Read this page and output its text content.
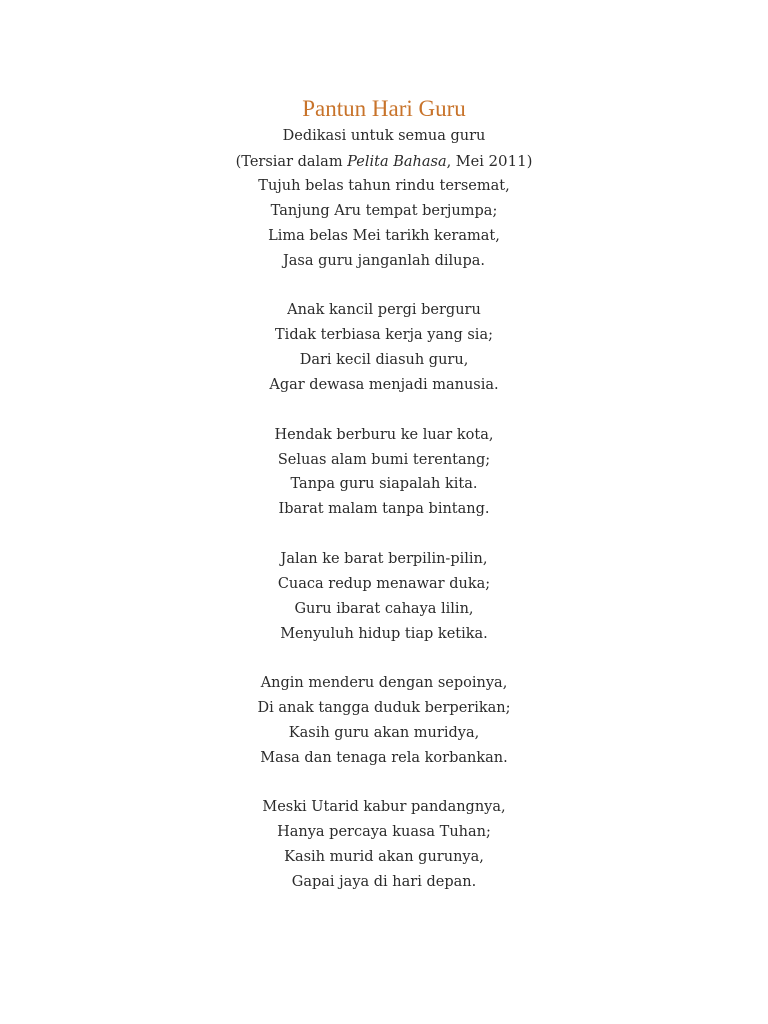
Pantun Hari Guru
Dedikasi untuk semua guru
(Tersiar dalam Pelita Bahasa, Mei 2011)
Tujuh belas tahun rindu tersemat,
Tanjung Aru tempat berjumpa;
Lima belas Mei tarikh keramat,
Jasa guru janganlah dilupa.
Anak kancil pergi berguru
Tidak terbiasa kerja yang sia;
Dari kecil diasuh guru,
Agar dewasa menjadi manusia.
Hendak berburu ke luar kota,
Seluas alam bumi terentang;
Tanpa guru siapalah kita.
Ibarat malam tanpa bintang.
Jalan ke barat berpilin-pilin,
Cuaca redup menawar duka;
Guru ibarat cahaya lilin,
Menyuluh hidup tiap ketika.
Angin menderu dengan sepoinya,
Di anak tangga duduk berperikan;
Kasih guru akan muridya,
Masa dan tenaga rela korbankan.
Meski Utarid kabur pandangnya,
Hanya percaya kuasa Tuhan;
Kasih murid akan gurunya,
Gapai jaya di hari depan.
